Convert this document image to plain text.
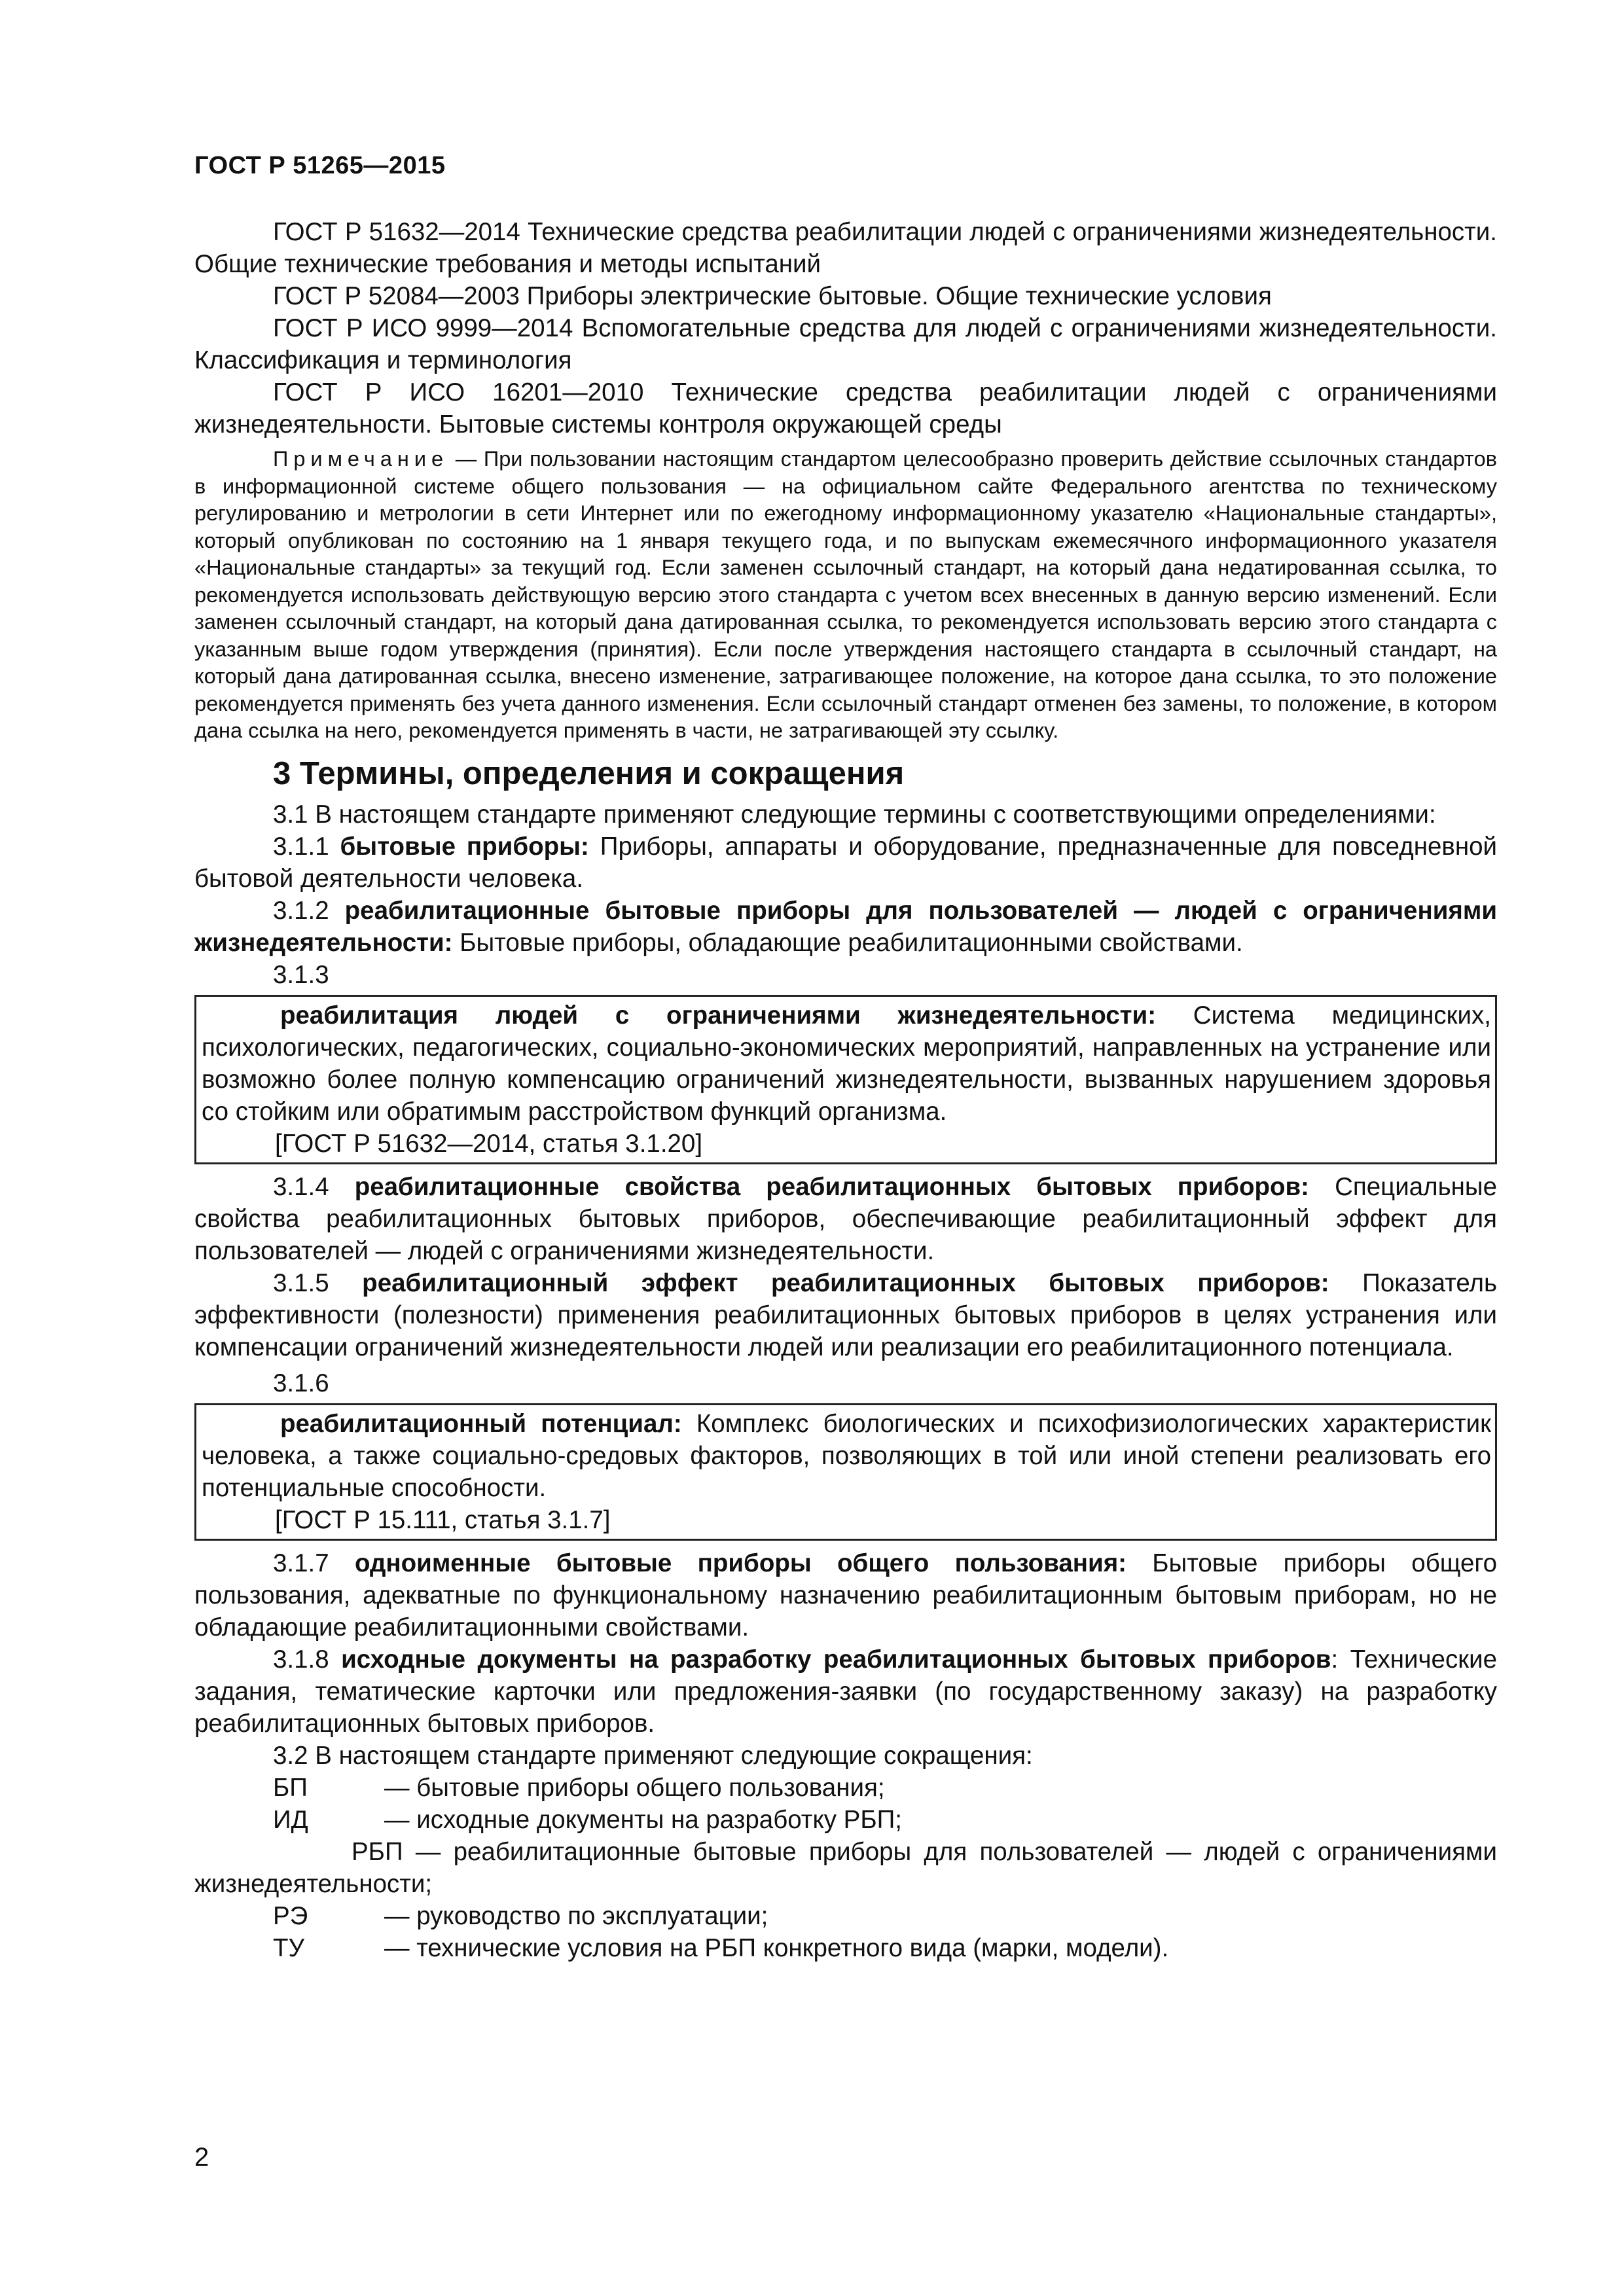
ГОСТ Р 51265—2015

ГОСТ Р 51632—2014 Технические средства реабилитации людей с ограничениями жизнедеятельности. Общие технические требования и методы испытаний

ГОСТ Р 52084—2003 Приборы электрические бытовые. Общие технические условия

ГОСТ Р ИСО 9999—2014 Вспомогательные средства для людей с ограничениями жизнедеятельности. Классификация и терминология

ГОСТ Р ИСО 16201—2010 Технические средства реабилитации людей с ограничениями жизнедеятельности. Бытовые системы контроля окружающей среды

Примечание — При пользовании настоящим стандартом целесообразно проверить действие ссылочных стандартов в информационной системе общего пользования — на официальном сайте Федерального агентства по техническому регулированию и метрологии в сети Интернет или по ежегодному информационному указателю «Национальные стандарты», который опубликован по состоянию на 1 января текущего года, и по выпускам ежемесячного информационного указателя «Национальные стандарты» за текущий год. Если заменен ссылочный стандарт, на который дана недатированная ссылка, то рекомендуется использовать действующую версию этого стандарта с учетом всех внесенных в данную версию изменений. Если заменен ссылочный стандарт, на который дана датированная ссылка, то рекомендуется использовать версию этого стандарта с указанным выше годом утверждения (принятия). Если после утверждения настоящего стандарта в ссылочный стандарт, на который дана датированная ссылка, внесено изменение, затрагивающее положение, на которое дана ссылка, то это положение рекомендуется применять без учета данного изменения. Если ссылочный стандарт отменен без замены, то положение, в котором дана ссылка на него, рекомендуется применять в части, не затрагивающей эту ссылку.

3 Термины, определения и сокращения

3.1 В настоящем стандарте применяют следующие термины с соответствующими определениями:

3.1.1 бытовые приборы: Приборы, аппараты и оборудование, предназначенные для повседневной бытовой деятельности человека.

3.1.2 реабилитационные бытовые приборы для пользователей — людей с ограничениями жизнедеятельности: Бытовые приборы, обладающие реабилитационными свойствами.

3.1.3

реабилитация людей с ограничениями жизнедеятельности: Система медицинских, психологических, педагогических, социально-экономических мероприятий, направленных на устранение или возможно более полную компенсацию ограничений жизнедеятельности, вызванных нарушением здоровья со стойким или обратимым расстройством функций организма.

[ГОСТ Р 51632—2014, статья 3.1.20]

3.1.4 реабилитационные свойства реабилитационных бытовых приборов: Специальные свойства реабилитационных бытовых приборов, обеспечивающие реабилитационный эффект для пользователей — людей с ограничениями жизнедеятельности.

3.1.5 реабилитационный эффект реабилитационных бытовых приборов: Показатель эффективности (полезности) применения реабилитационных бытовых приборов в целях устранения или компенсации ограничений жизнедеятельности людей или реализации его реабилитационного потенциала.

3.1.6

реабилитационный потенциал: Комплекс биологических и психофизиологических характеристик человека, а также социально-средовых факторов, позволяющих в той или иной степени реализовать его потенциальные способности.

[ГОСТ Р 15.111, статья 3.1.7]

3.1.7 одноименные бытовые приборы общего пользования: Бытовые приборы общего пользования, адекватные по функциональному назначению реабилитационным бытовым приборам, но не обладающие реабилитационными свойствами.

3.1.8 исходные документы на разработку реабилитационных бытовых приборов: Технические задания, тематические карточки или предложения-заявки (по государственному заказу) на разработку реабилитационных бытовых приборов.

3.2 В настоящем стандарте применяют следующие сокращения:

БП	— бытовые приборы общего пользования;

ИД	— исходные документы на разработку РБП;

РБП — реабилитационные бытовые приборы для пользователей — людей с ограничениями жизнедеятельности;

РЭ	— руководство по эксплуатации;

ТУ	— технические условия на РБП конкретного вида (марки, модели).

2
